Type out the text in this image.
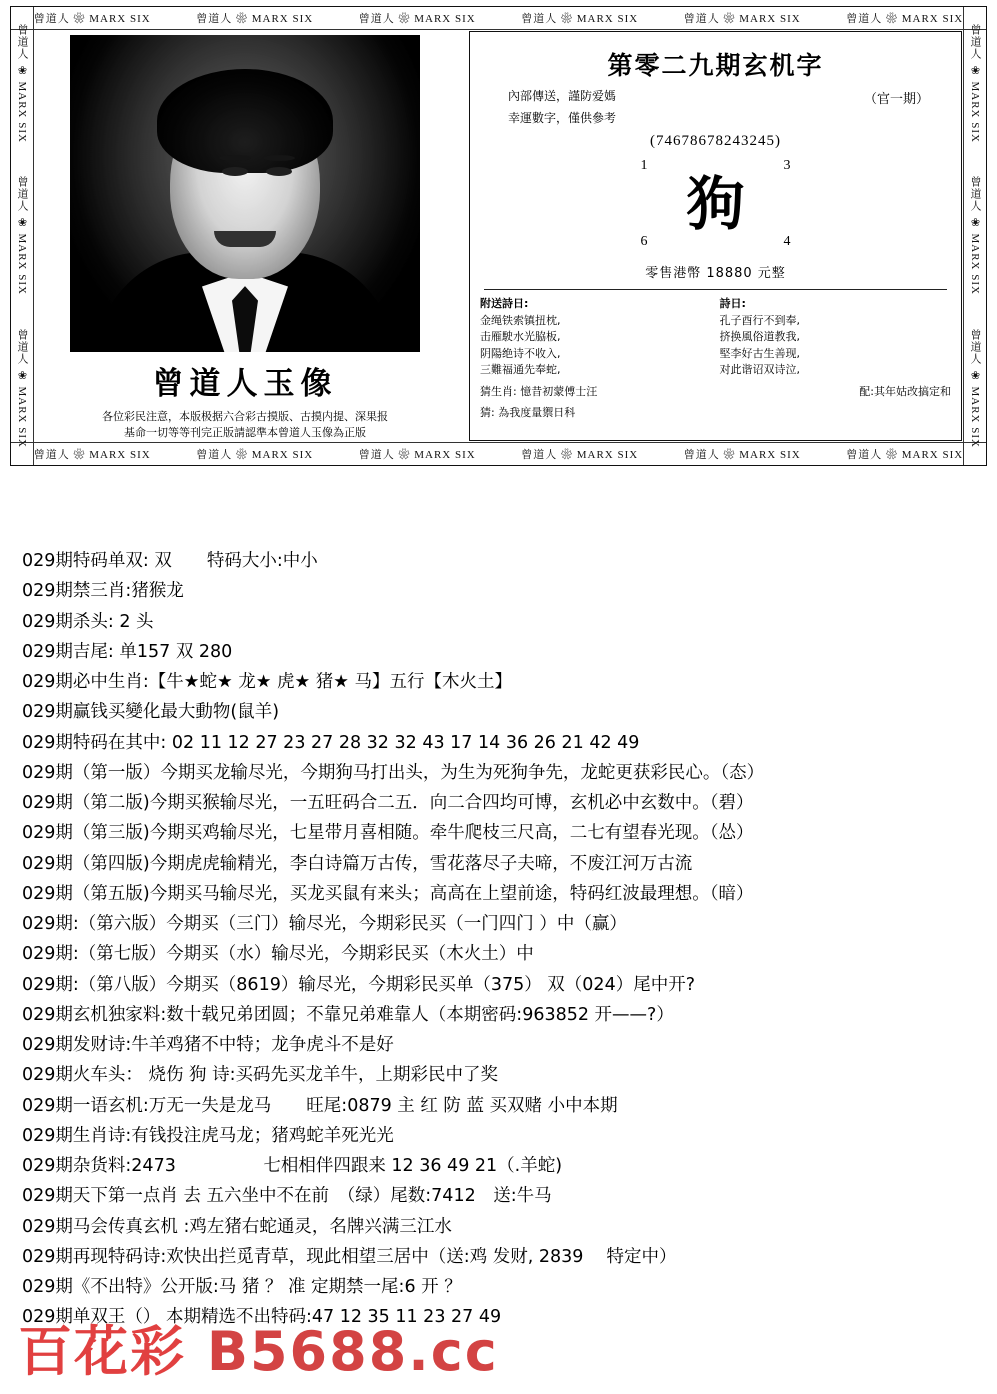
曾道人 ❀ MARX SIX	曾道人 ❀ MARX SIX	曾道人 ❀ MARX SIX	曾道人 ❀ MARX SIX	曾道人 ❀ MARX SIX	曾道人 ❀ MARX SIX
曾道人 ❀ MARX SIX	曾道人 ❀ MARX SIX	曾道人 ❀ MARX SIX	曾道人 ❀ MARX SIX	曾道人 ❀ MARX SIX	曾道人 ❀ MARX SIX
曾道人 ❀ MARX SIX
曾道人 ❀ MARX SIX
曾道人 ❀ MARX SIX
曾道人 ❀ MARX SIX
曾道人 ❀ MARX SIX
曾道人 ❀ MARX SIX
曾道人玉像
各位彩民注意，本版极据六合彩古摸版、古摸内提、深果报
基命一切等等刊完正版請認準本曾道人玉像為正版
第零二九期玄机字
內部傳送，謹防爱媽
幸運數字，僅供參考
（官一期）
(74678678243245)
1	3
6	4
狗
零售港幣 18880 元整
附送詩日:
金绳铁索镇扭枕,
击雁駛水光脇板,
阴陽绝诗不收入,
三難福通先奉蛇,
詩日:
孔子酉行不到奉,
挤换風俗道教我,
堅李好古生善现,
对此谐诏双诗泣,
猜生肖: 憶昔初蒙傅士汪	配:其年姑改搞定和
猜: 為我度量禦日科
029期特码单双: 双　　特码大小:中小
029期禁三肖:猪猴龙
029期杀头: 2 头
029期吉尾: 单157 双 280
029期必中生肖:【牛★蛇★ 龙★ 虎★ 猪★ 马】五行【木火土】
029期赢钱买變化最大動物(鼠羊)
029期特码在其中: 02 11 12 27 23 27 28 32 32 43 17 14 36 26 21 42 49
029期（第一版）今期买龙输尽光，今期狗马打出头，为生为死狗争先，龙蛇更获彩民心。（态）
029期（第二版)今期买猴输尽光，一五旺码合二五．向二合四均可博，玄机必中玄数中。（碧）
029期（第三版)今期买鸡输尽光，七星带月喜相随。牵牛爬枝三尺高，二七有望春光现。（怂）
029期（第四版)今期虎虎输精光，李白诗篇万古传，雪花落尽子夫啼，不废江河万古流
029期（第五版)今期买马输尽光，买龙买鼠有来头；高高在上望前途，特码红波最理想。（暗）
029期:（第六版）今期买（三门）输尽光，今期彩民买（一门四门 ）中（赢）
029期:（第七版）今期买（水）输尽光，今期彩民买（木火土）中
029期:（第八版）今期买（8619）输尽光，今期彩民买单（375） 双（024）尾中开?
029期玄机独家料:数十载兄弟团圆；不靠兄弟难靠人（本期密码:963852 开——?）
029期发财诗:牛羊鸡猪不中特；龙争虎斗不是好
029期火车头： 烧伤 狗 诗:买码先买龙羊牛，上期彩民中了奖
029期一语玄机:万无一失是龙马　　旺尾:0879 主 红 防 蓝 买双赌 小中本期
029期生肖诗:有钱投注虎马龙；猪鸡蛇羊死光光
029期杂货料:2473　　　　　七相相伴四跟来 12 36 49 21（.羊蛇)
029期天下第一点肖 去 五六坐中不在前　（绿）尾数:7412　送:牛马
029期马会传真玄机 :鸡左猪右蛇通灵，名牌兴满三江水
029期再现特码诗:欢快出拦觅青草，现此相望三居中（送:鸡 发财, 2839　 特定中）
029期《不出特》公开版:马 猪 ？ 准 定期禁一尾:6 开 ？
029期单双王（） 本期精选不出特码:47 12 35 11 23 27 49
百花彩 B5688.cc
